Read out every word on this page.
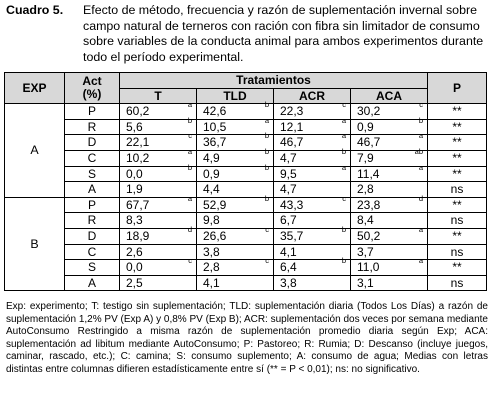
Cuadro 5. Efecto de método, frecuencia y razón de suplementación invernal sobre campo natural de terneros con ración con fibra sin limitador de consumo sobre variables de la conducta animal para ambos experimentos durante todo el período experimental.
EXP	Act
(%)	Tratamientos				P
		T	TLD	ACR	ACA	
A	P	60,2 a	42,6 b	22,3 c	30,2 c	**
	R	5,6 b	10,5 a	12,1 a	0,9 b	**
	D	22,1 c	36,7 b	46,7 a	46,7 a	**
	C	10,2 a	4,9 b	4,7 b	7,9 ab	**
	S	0,0 b	0,9 b	9,5 a	11,4 a	**
	A	1,9	4,4	4,7	2,8	ns
B	P	67,7 a	52,9 b	43,3 c	23,8 d	**
	R	8,3	9,8	6,7	8,4	ns
	D	18,9 d	26,6 c	35,7 b	50,2 a	**
	C	2,6	3,8	4,1	3,7	ns
	S	0,0 c	2,8 c	6,4 b	11,0 a	**
	A	2,5	4,1	3,8	3,1	ns
Exp: experimento; T: testigo sin suplementación; TLD: suplementación diaria (Todos Los Días) a razón de suplementación 1,2% PV (Exp A) y 0,8% PV (Exp B); ACR: suplementación dos veces por semana mediante AutoConsumo Restringido a misma razón de suplementación promedio diaria según Exp; ACA: suplementación ad libitum mediante AutoConsumo; P: Pastoreo; R: Rumia; D: Descanso (incluye juegos, caminar, rascado, etc.); C: camina; S: consumo suplemento; A: consumo de agua; Medias con letras distintas entre columnas difieren estadísticamente entre sí (** = P < 0,01); ns: no significativo.
